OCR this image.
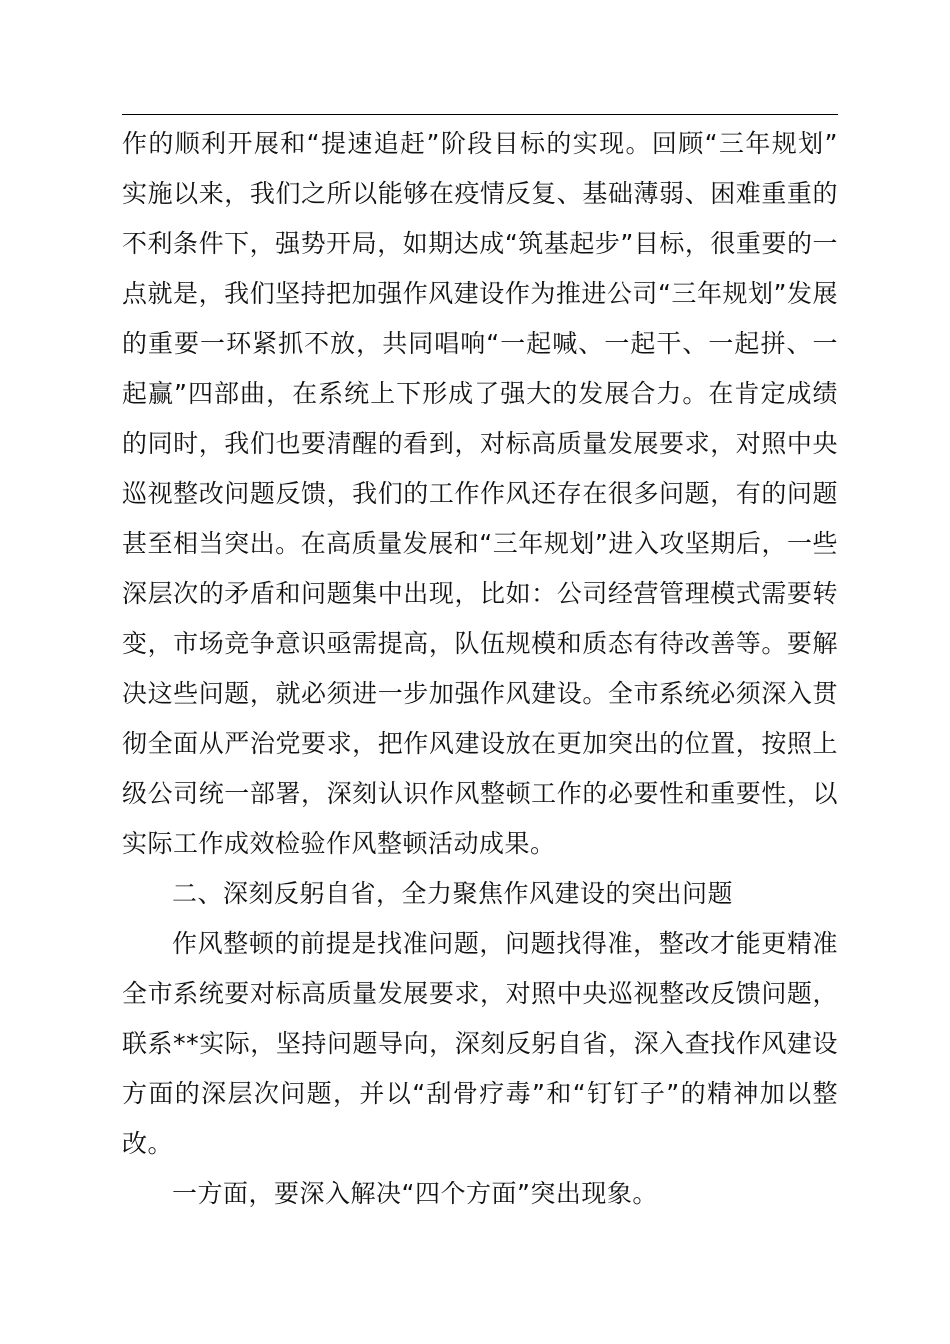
作的顺利开展和“提速追赶”阶段目标的实现。回顾“三年规划”
实施以来，我们之所以能够在疫情反复、基础薄弱、困难重重的
不利条件下，强势开局，如期达成“筑基起步”目标，很重要的一
点就是，我们坚持把加强作风建设作为推进公司“三年规划”发展
的重要一环紧抓不放，共同唱响“一起喊、一起干、一起拼、一
起赢”四部曲，在系统上下形成了强大的发展合力。在肯定成绩
的同时，我们也要清醒的看到，对标高质量发展要求，对照中央
巡视整改问题反馈，我们的工作作风还存在很多问题，有的问题
甚至相当突出。在高质量发展和“三年规划”进入攻坚期后，一些
深层次的矛盾和问题集中出现，比如：公司经营管理模式需要转
变，市场竞争意识亟需提高，队伍规模和质态有待改善等。要解
决这些问题，就必须进一步加强作风建设。全市系统必须深入贯
彻全面从严治党要求，把作风建设放在更加突出的位置，按照上
级公司统一部署，深刻认识作风整顿工作的必要性和重要性，以
实际工作成效检验作风整顿活动成果。
二、深刻反躬自省，全力聚焦作风建设的突出问题
作风整顿的前提是找准问题，问题找得准，整改才能更精准
全市系统要对标高质量发展要求，对照中央巡视整改反馈问题，
联系**实际，坚持问题导向，深刻反躬自省，深入查找作风建设
方面的深层次问题，并以“刮骨疗毒”和“钉钉子”的精神加以整
改。
一方面，要深入解决“四个方面”突出现象。
